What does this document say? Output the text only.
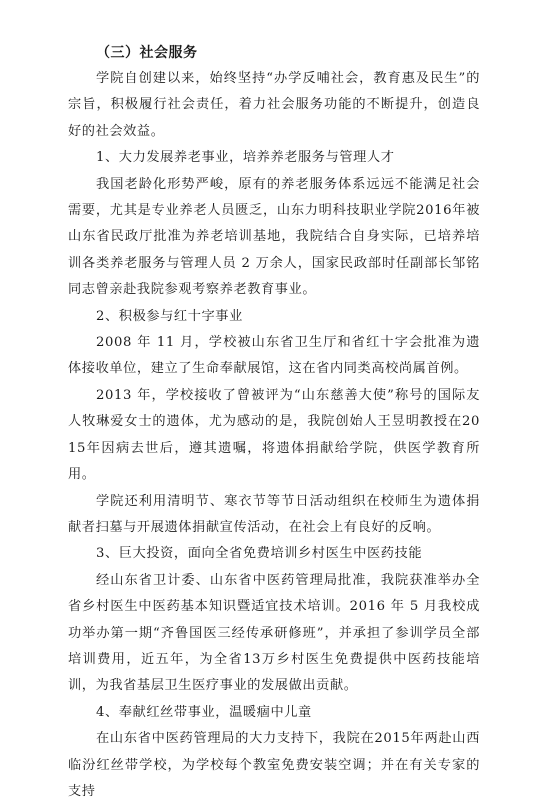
（三）社会服务

学院自创建以来，始终坚持“办学反哺社会，教育惠及民生”的宗旨，积极履行社会责任，着力社会服务功能的不断提升，创造良好的社会效益。

1、大力发展养老事业，培养养老服务与管理人才

我国老龄化形势严峻，原有的养老服务体系远远不能满足社会需要，尤其是专业养老人员匮乏，山东力明科技职业学院2016年被山东省民政厅批准为养老培训基地，我院结合自身实际，已培养培训各类养老服务与管理人员 2 万余人，国家民政部时任副部长邹铭同志曾亲赴我院参观考察养老教育事业。

2、积极参与红十字事业

2008 年 11 月，学校被山东省卫生厅和省红十字会批准为遗体接收单位，建立了生命奉献展馆，这在省内同类高校尚属首例。

2013 年，学校接收了曾被评为“山东慈善大使”称号的国际友人牧琳爱女士的遗体，尤为感动的是，我院创始人王昱明教授在2015年因病去世后，遵其遗嘱，将遗体捐献给学院，供医学教育所用。

学院还利用清明节、寒衣节等节日活动组织在校师生为遗体捐献者扫墓与开展遗体捐献宣传活动，在社会上有良好的反响。

3、巨大投资，面向全省免费培训乡村医生中医药技能

经山东省卫计委、山东省中医药管理局批准，我院获准举办全省乡村医生中医药基本知识暨适宜技术培训。2016 年 5 月我校成功举办第一期“齐鲁国医三经传承研修班”，并承担了参训学员全部培训费用，近五年，为全省13万乡村医生免费提供中医药技能培训，为我省基层卫生医疗事业的发展做出贡献。

4、奉献红丝带事业，温暖痼中儿童

在山东省中医药管理局的大力支持下，我院在2015年两赴山西临汾红丝带学校，为学校每个教室免费安装空调；并在有关专家的支持
